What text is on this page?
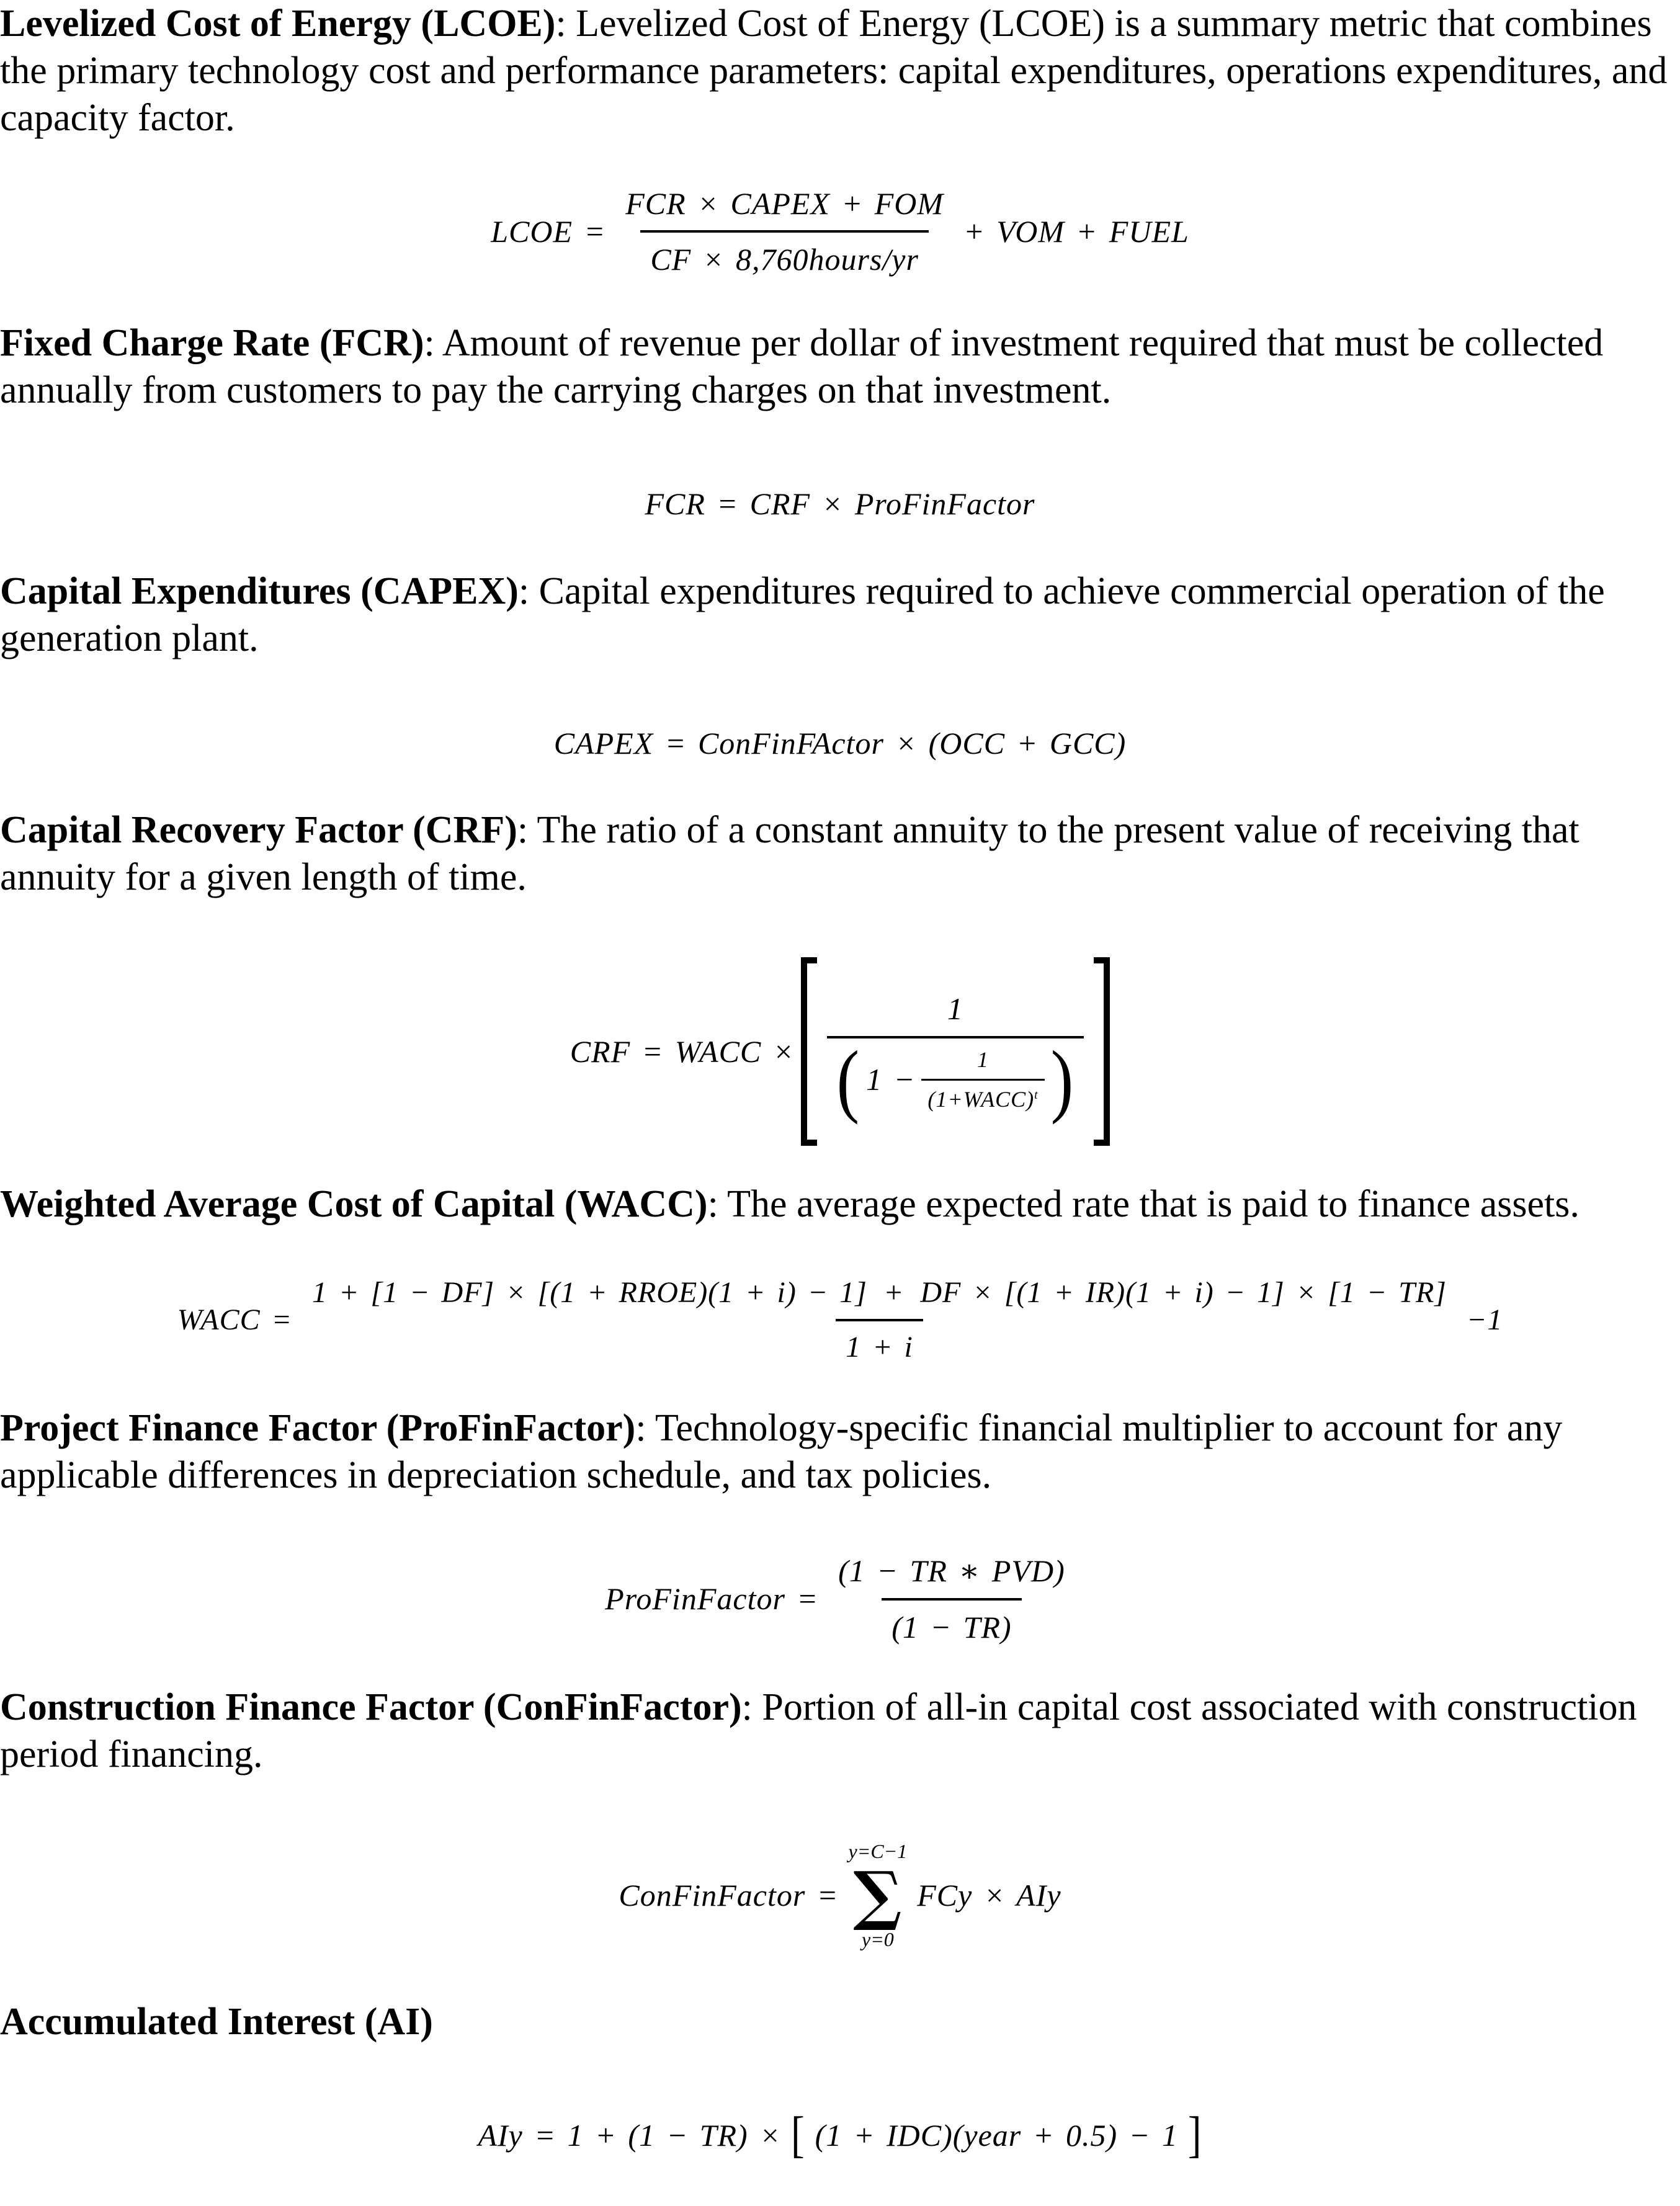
Levelized Cost of Energy (LCOE): Levelized Cost of Energy (LCOE) is a summary metric that combines the primary technology cost and performance parameters: capital expenditures, operations expenditures, and capacity factor.

LCOE = $\frac{\text{FCR × CAPEX + FOM}}{\text{CF × 8,760hours/yr}}$ + VOM + FUEL

Fixed Charge Rate (FCR): Amount of revenue per dollar of investment required that must be collected annually from customers to pay the carrying charges on that investment.

FCR = CRF × ProFinFactor

Capital Expenditures (CAPEX): Capital expenditures required to achieve commercial operation of the generation plant.

CAPEX = ConFinFActor × (OCC + GCC)

Capital Recovery Factor (CRF): The ratio of a constant annuity to the present value of receiving that annuity for a given length of time.

CRF = WACC ×
1
( $1 - \frac{1}{(1+WACC)^t}$ )

Weighted Average Cost of Capital (WACC): The average expected rate that is paid to finance assets.

WACC =
1 + [1 − DF] × [(1 + RROE)(1 + i) − 1] + DF × [(1 + IR)(1 + i) − 1] × [1 − TR]
1 + i
−1

Project Finance Factor (ProFinFactor): Technology-specific financial multiplier to account for any applicable differences in depreciation schedule, and tax policies.

ProFinFactor = $\frac{\text{(1 − TR ∗ PVD)}}{(1 - TR)}$

Construction Finance Factor (ConFinFactor): Portion of all-in capital cost associated with construction period financing.

ConFinFactor =
y=C−1
∑
y=0
FCy × AIy

Accumulated Interest (AI)

AIy = 1 + (1 − TR) × [ (1 + IDC)(year + 0.5) − 1 ]
